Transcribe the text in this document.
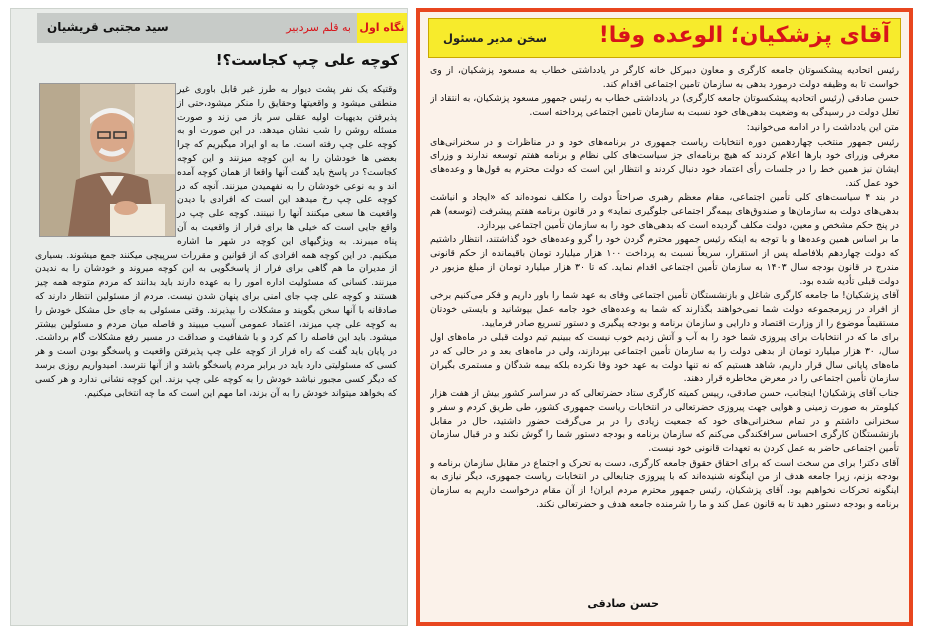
نگاه اول
به قلم سردبیر
سید مجتبی قریشیان
کوچه علی چپ کجاست؟!

وقتیکه یک نفر پشت دیوار به طرز غیر قابل باوری غیر منطقی میشود و واقعیتها وحقایق را منکر میشود،حتی از پذیرفتن بدیهیات اولیه عقلی سر باز می زند و صورت مسئله روشن را شب نشان میدهد. در این صورت او به کوچه علی چپ رفته است. ما به او ایراد میگیریم که چرا بعضی ها خودشان را به این کوچه میزنند و این کوچه کجاست؟ در پاسخ باید گفت آنها واقعا از همان کوچه آمده اند و به نوعی خودشان را به نفهمیدن میزنند. آنچه که در کوچه علی چپ رخ میدهد این است که افرادی با دیدن واقعیت ها سعی میکنند آنها را نبینند. کوچه علی چپ در واقع جایی است که خیلی ها برای فرار از واقعیت به آن پناه میبرند. به ویژگیهای این کوچه در شهر ما اشاره میکنیم. در این کوچه همه افرادی که از قوانین و مقررات سرپیچی میکنند جمع میشوند. بسیاری از مدیران ما هم گاهی برای فرار از پاسخگویی به این کوچه میروند و خودشان را به ندیدن میزنند. کسانی که مسئولیت اداره امور را به عهده دارند باید بدانند که مردم متوجه همه چیز هستند و کوچه علی چپ جای امنی برای پنهان شدن نیست. مردم از مسئولین انتظار دارند که صادقانه با آنها سخن بگویند و مشکلات را بپذیرند. وقتی مسئولی به جای حل مشکل خودش را به کوچه علی چپ میزند، اعتماد عمومی آسیب میبیند و فاصله میان مردم و مسئولین بیشتر میشود. باید این فاصله را کم کرد و با شفافیت و صداقت در مسیر رفع مشکلات گام برداشت. در پایان باید گفت که راه فرار از کوچه علی چپ پذیرفتن واقعیت و پاسخگو بودن است و هر کسی که مسئولیتی دارد باید در برابر مردم پاسخگو باشد و از آنها نترسد. امیدواریم روزی برسد که دیگر کسی مجبور نباشد خودش را به کوچه علی چپ بزند. این کوچه نشانی ندارد و هر کسی که بخواهد میتواند خودش را به آن بزند، اما مهم این است که ما چه انتخابی میکنیم.

آقای پزشکیان؛ الوعده وفا!
سخن مدیر مسئول

رئیس اتحادیه پیشکسوتان جامعه کارگری و معاون دبیرکل خانه کارگر در یادداشتی خطاب به مسعود پزشکیان، از وی خواست تا به وظیفه دولت درمورد بدهی به سازمان تامین اجتماعی اقدام کند.

حسن صادقی (رئیس اتحادیه پیشکسوتان جامعه کارگری) در یادداشتی خطاب به رئیس جمهور مسعود پزشکیان، به انتقاد از تعلل دولت در رسیدگی به وضعیت بدهی‌های خود نسبت به سازمان تامین اجتماعی پرداخته است.

متن این یادداشت را در ادامه می‌خوانید:

رئیس جمهور منتخب چهاردهمین دوره انتخابات ریاست جمهوری در برنامه‌های خود و در مناظرات و در سخنرانی‌های معرفی وزرای خود بارها اعلام کردند که هیچ برنامه‌ای جز سیاست‌های کلی نظام و برنامه هفتم توسعه ندارند و وزرای ایشان نیز همین خط را در جلسات رأی اعتماد خود دنبال کردند و انتظار این است که دولت محترم به قول‌ها و وعده‌های خود عمل کند.

در بند ۴ سیاست‌های کلی تأمین اجتماعی، مقام معظم رهبری صراحتاً دولت را مکلف نموده‌اند که «ایجاد و انباشت بدهی‌های دولت به سازمان‌ها و صندوق‌های بیمه‌گر اجتماعی جلوگیری نماید» و در قانون برنامه هفتم پیشرفت (توسعه) هم در پنج حکم مشخص و معین، دولت مکلف گردیده است که بدهی‌های خود را به سازمان تأمین اجتماعی بپردازد.

ما بر اساس همین وعده‌ها و با توجه به اینکه رئیس جمهور محترم گردن خود را گرو وعده‌های خود گذاشتند، انتظار داشتیم که دولت چهاردهم بلافاصله پس از استقرار، سریعاً نسبت به پرداخت ۱۰۰ هزار میلیارد تومان باقیمانده از حکم قانونی مندرج در قانون بودجه سال ۱۴۰۳ به سازمان تأمین اجتماعی اقدام نماید. که تا ۳۰ هزار میلیارد تومان از مبلغ مزبور در دولت قبلی تأدیه شده بود.

آقای پزشکیان! ما جامعه کارگری شاغل و بازنشستگان تأمین اجتماعی وفای به عهد شما را باور داریم و فکر می‌کنیم برخی از افراد در زیرمجموعه دولت شما نمی‌خواهند بگذارند که شما به وعده‌های خود جامه عمل بپوشانید و بایستی خودتان مستقیماً موضوع را از وزارت اقتصاد و دارایی و سازمان برنامه و بودجه پیگیری و دستور تسریع صادر فرمایید.

برای ما که در انتخابات برای پیروزی شما خود را به آب و آتش زدیم خوب نیست که ببینیم تیم دولت قبلی در ماه‌های اول سال، ۳۰ هزار میلیارد تومان از بدهی دولت را به سازمان تأمین اجتماعی بپردازند، ولی در ماه‌های بعد و در حالی که در ماه‌های پایانی سال قرار داریم، شاهد هستیم که نه تنها دولت به عهد خود وفا نکرده بلکه بیمه شدگان و مستمری بگیران سازمان تأمین اجتماعی را در معرض مخاطره قرار دهند.

جناب آقای پزشکیان! اینجانب، حسن صادقی، رییس کمیته کارگری ستاد حضرتعالی که در سراسر کشور بیش از هفت هزار کیلومتر به صورت زمینی و هوایی جهت پیروزی حضرتعالی در انتخابات ریاست جمهوری کشور، طی طریق کردم و سفر و سخنرانی داشتم و در تمام سخنرانی‌های خود که جمعیت زیادی را در بر می‌گرفت حضور داشتید، حال در مقابل بازنشستگان کارگری احساس سرافکندگی می‌کنم که سازمان برنامه و بودجه دستور شما را گوش نکند و در قبال سازمان تأمین اجتماعی حاضر به عمل کردن به تعهدات قانونی خود نیست.

آقای دکتر! برای من سخت است که برای احقاق حقوق جامعه کارگری، دست به تحرک و اجتماع در مقابل سازمان برنامه و بودجه بزنم، زیرا جامعه هدف از من اینگونه شنیده‌اند که با پیروزی جنابعالی در انتخابات ریاست جمهوری، دیگر نیازی به اینگونه تحرکات نخواهیم بود. آقای پزشکیان، رئیس جمهور محترم مردم ایران! از آن مقام درخواست داریم به سازمان برنامه و بودجه دستور دهید تا به قانون عمل کند و ما را شرمنده جامعه هدف و حضرتعالی نکند.

حسن صادقی
